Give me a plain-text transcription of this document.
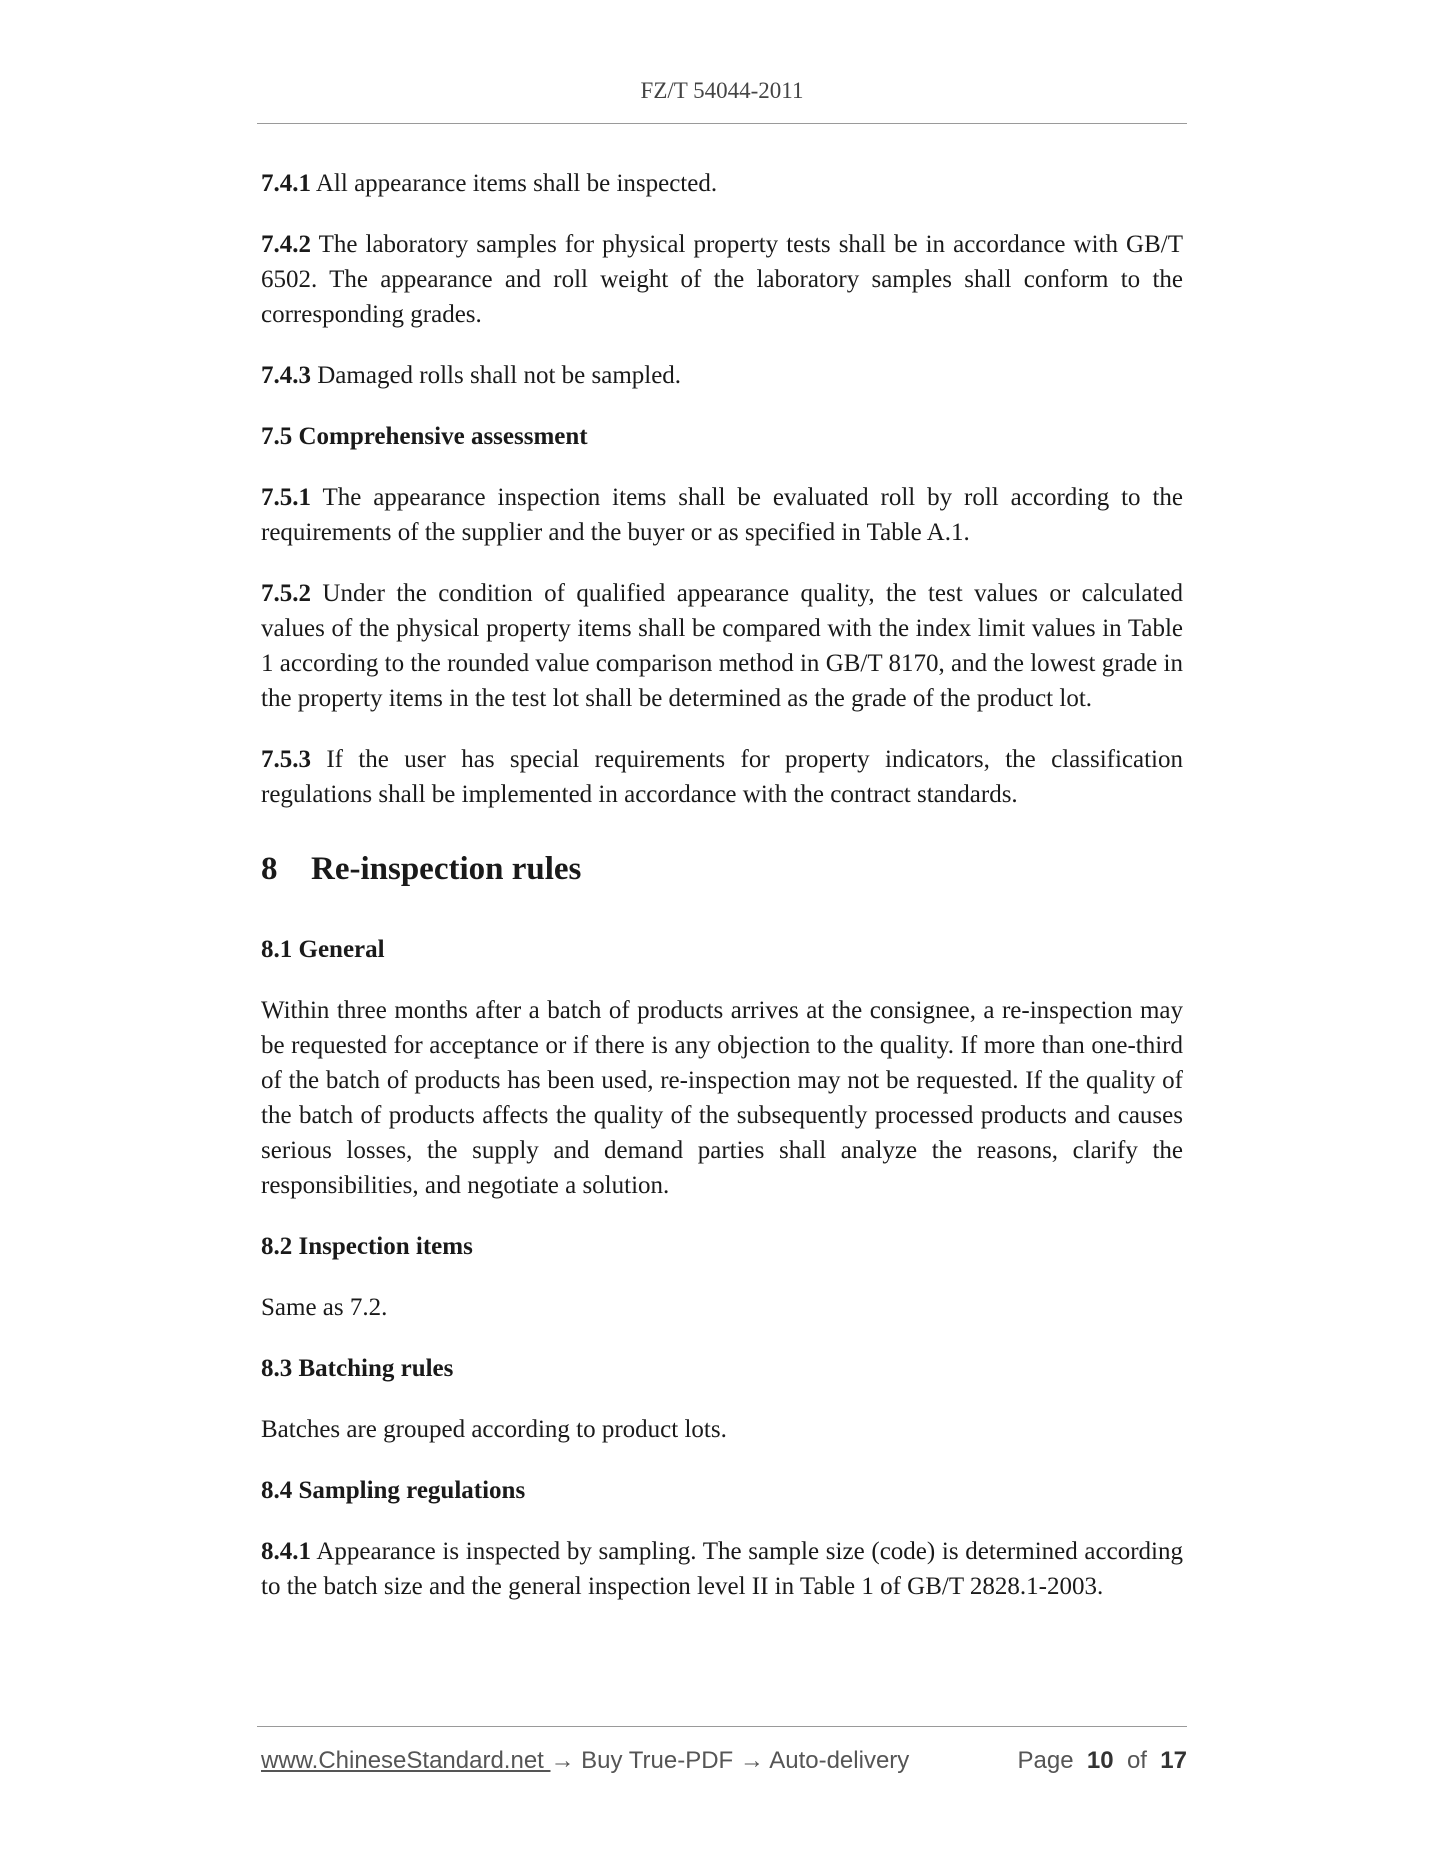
FZ/T 54044-2011

7.4.1 All appearance items shall be inspected.

7.4.2 The laboratory samples for physical property tests shall be in accordance with GB/T 6502. The appearance and roll weight of the laboratory samples shall conform to the corresponding grades.

7.4.3 Damaged rolls shall not be sampled.

7.5 Comprehensive assessment

7.5.1 The appearance inspection items shall be evaluated roll by roll according to the requirements of the supplier and the buyer or as specified in Table A.1.

7.5.2 Under the condition of qualified appearance quality, the test values or calculated values of the physical property items shall be compared with the index limit values in Table 1 according to the rounded value comparison method in GB/T 8170, and the lowest grade in the property items in the test lot shall be determined as the grade of the product lot.

7.5.3 If the user has special requirements for property indicators, the classification regulations shall be implemented in accordance with the contract standards.

8 Re-inspection rules
8.1 General

Within three months after a batch of products arrives at the consignee, a re-inspection may be requested for acceptance or if there is any objection to the quality. If more than one-third of the batch of products has been used, re-inspection may not be requested. If the quality of the batch of products affects the quality of the subsequently processed products and causes serious losses, the supply and demand parties shall analyze the reasons, clarify the responsibilities, and negotiate a solution.

8.2 Inspection items

Same as 7.2.

8.3 Batching rules

Batches are grouped according to product lots.

8.4 Sampling regulations

8.4.1 Appearance is inspected by sampling. The sample size (code) is determined according to the batch size and the general inspection level II in Table 1 of GB/T 2828.1-2003.

www.ChineseStandard.net → Buy True-PDF → Auto-delivery	Page 10 of 17
